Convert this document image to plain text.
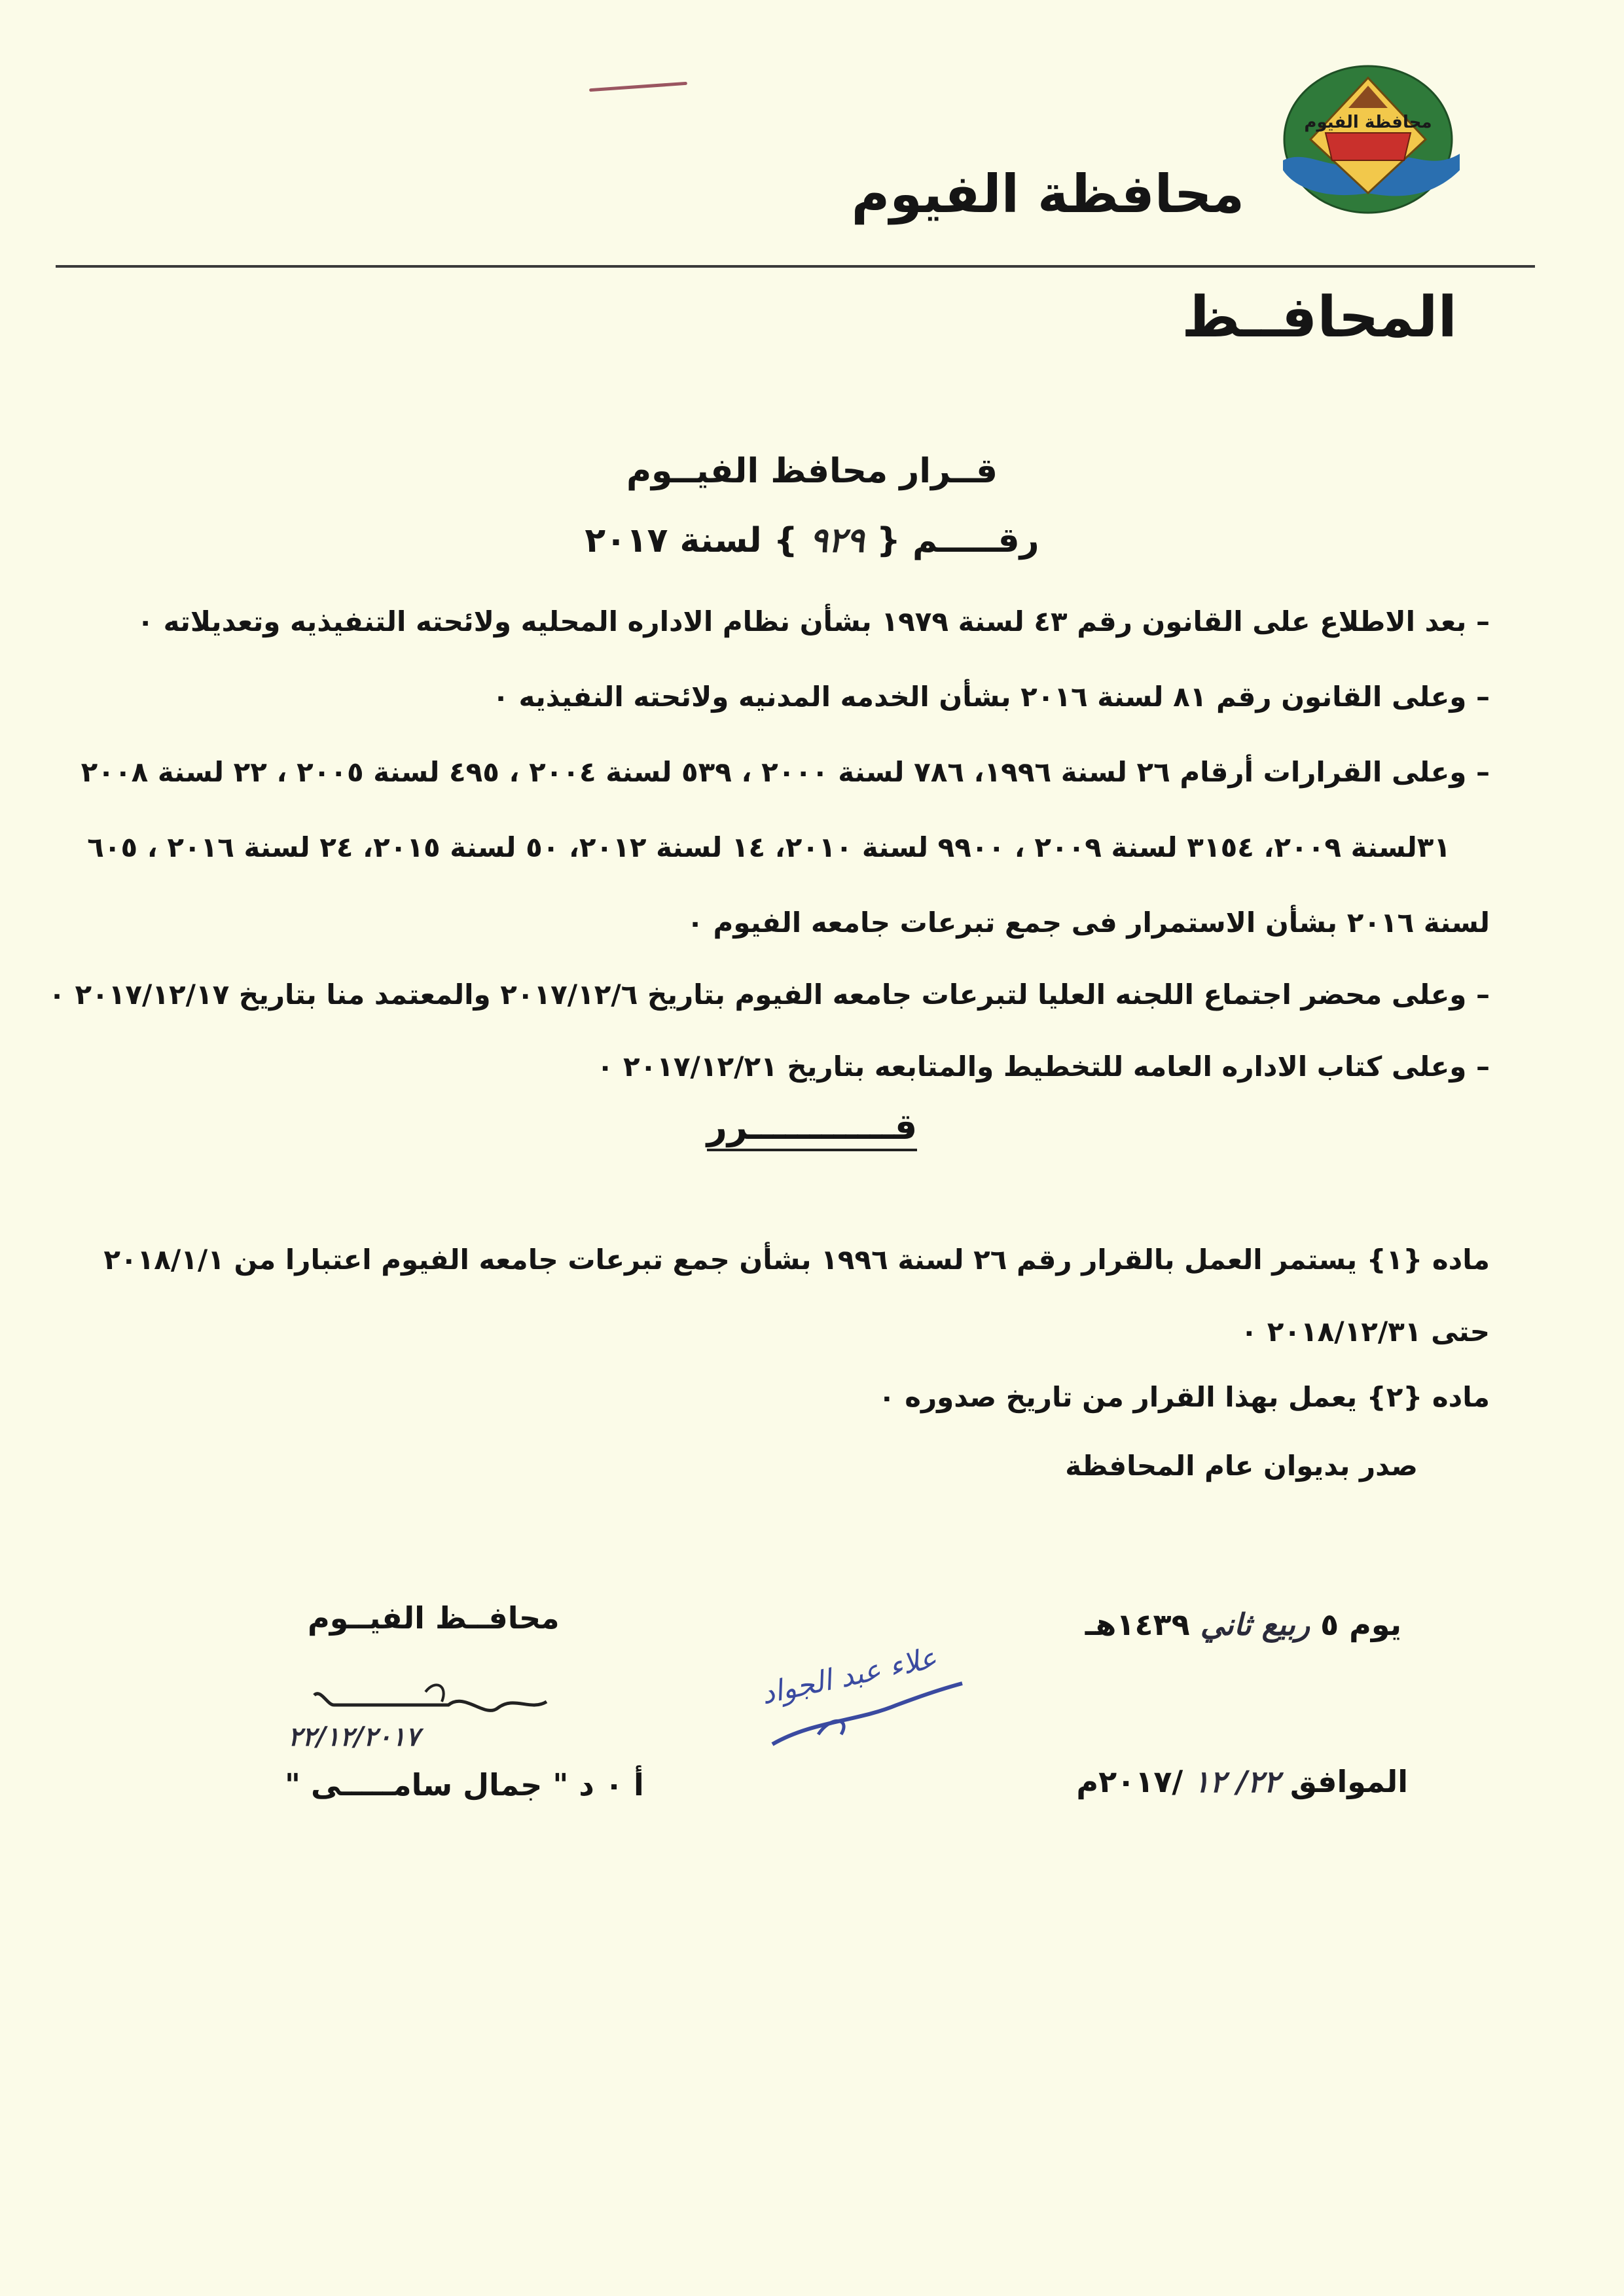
محافظة الفيوم
محافظة الفيوم
المحافــظ
قــرار محافظ الفيــوم
رقـــــم { ٩٢٩ } لسنة ٢٠١٧
– بعد الاطلاع على القانون رقم ٤٣ لسنة ١٩٧٩ بشأن نظام الاداره المحليه ولائحته التنفيذيه وتعديلاته ٠
– وعلى القانون رقم ٨١ لسنة ٢٠١٦ بشأن الخدمه المدنيه ولائحته النفيذيه ٠
– وعلى القرارات أرقام ٢٦ لسنة ١٩٩٦، ٧٨٦ لسنة ٢٠٠٠ ، ٥٣٩ لسنة ٢٠٠٤ ، ٤٩٥ لسنة ٢٠٠٥ ، ٢٢ لسنة ٢٠٠٨
٣١لسنة ٢٠٠٩، ٣١٥٤ لسنة ٢٠٠٩ ، ٩٩٠٠ لسنة ٢٠١٠، ١٤ لسنة ٢٠١٢، ٥٠ لسنة ٢٠١٥، ٢٤ لسنة ٢٠١٦ ، ٦٠٥
لسنة ٢٠١٦ بشأن الاستمرار فى جمع تبرعات جامعه الفيوم ٠
– وعلى محضر اجتماع اللجنه العليا لتبرعات جامعه الفيوم بتاريخ ٢٠١٧/١٢/٦ والمعتمد منا بتاريخ ٢٠١٧/١٢/١٧ ٠
– وعلى كتاب الاداره العامه للتخطيط والمتابعه بتاريخ ٢٠١٧/١٢/٢١ ٠
قــــــــــــرر
ماده {١} يستمر العمل بالقرار رقم ٢٦ لسنة ١٩٩٦ بشأن جمع تبرعات جامعه الفيوم اعتبارا من ٢٠١٨/١/١
حتى ٢٠١٨/١٢/٣١ ٠
ماده {٢} يعمل بهذا القرار من تاريخ صدوره ٠
صدر بديوان عام المحافظة
يوم ٥ ربيع ثاني ١٤٣٩هـ
الموافق ٢٢/ ١٢ /٢٠١٧م
علاء عبد الجواد
محافــظ الفيــوم
٢٢/١٢/٢٠١٧
أ ٠ د " جمال سامـــــى "
